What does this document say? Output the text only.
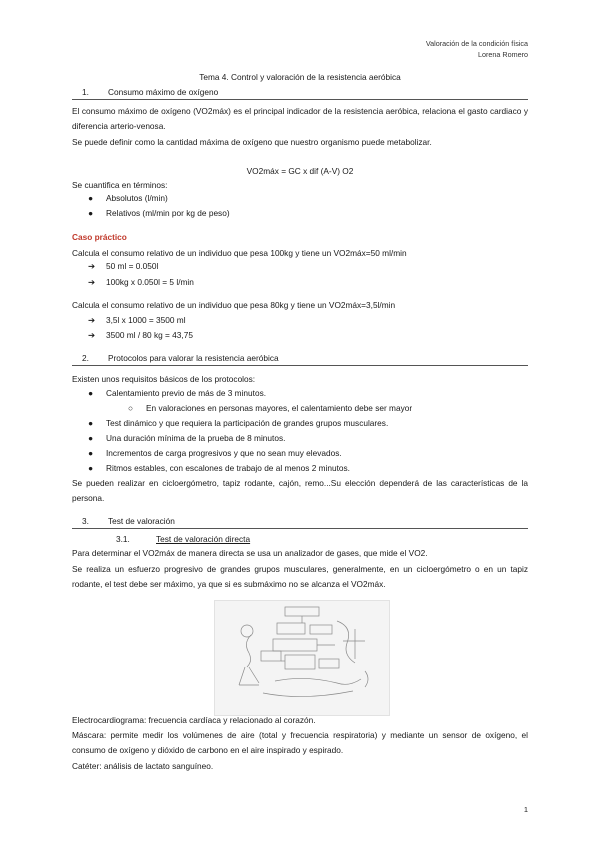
Valoración de la condición física
Lorena Romero
Tema 4. Control y valoración de la resistencia aeróbica
1. Consumo máximo de oxígeno
El consumo máximo de oxígeno (VO2máx) es el principal indicador de la resistencia aeróbica, relaciona el gasto cardiaco y diferencia arterio-venosa.
Se puede definir como la cantidad máxima de oxígeno que nuestro organismo puede metabolizar.
VO2máx = GC x dif (A-V) O2
Se cuantifica en términos:
● Absolutos (l/min)
● Relativos (ml/min por kg de peso)
Caso práctico
Calcula el consumo relativo de un individuo que pesa 100kg y tiene un VO2máx=50 ml/min
➔ 50 ml = 0.050l
➔ 100kg x 0.050l = 5 l/min
Calcula el consumo relativo de un individuo que pesa 80kg y tiene un VO2máx=3,5l/min
➔ 3,5l x 1000 = 3500 ml
➔ 3500 ml / 80 kg = 43,75
2. Protocolos para valorar la resistencia aeróbica
Existen unos requisitos básicos de los protocolos:
● Calentamiento previo de más de 3 minutos.
○ En valoraciones en personas mayores, el calentamiento debe ser mayor
● Test dinámico y que requiera la participación de grandes grupos musculares.
● Una duración mínima de la prueba de 8 minutos.
● Incrementos de carga progresivos y que no sean muy elevados.
● Ritmos estables, con escalones de trabajo de al menos 2 minutos.
Se pueden realizar en cicloergómetro, tapiz rodante, cajón, remo...Su elección dependerá de las características de la persona.
3. Test de valoración
3.1.	Test de valoración directa
Para determinar el VO2máx de manera directa se usa un analizador de gases, que mide el VO2.
Se realiza un esfuerzo progresivo de grandes grupos musculares, generalmente, en un cicloergómetro o en un tapiz rodante, el test debe ser máximo, ya que si es submáximo no se alcanza el VO2máx.
Electrocardiograma: frecuencia cardíaca y relacionado al corazón.
Máscara: permite medir los volúmenes de aire (total y frecuencia respiratoria) y mediante un sensor de oxígeno, el consumo de oxígeno y dióxido de carbono en el aire inspirado y espirado.
Catéter: análisis de lactato sanguíneo.
1
